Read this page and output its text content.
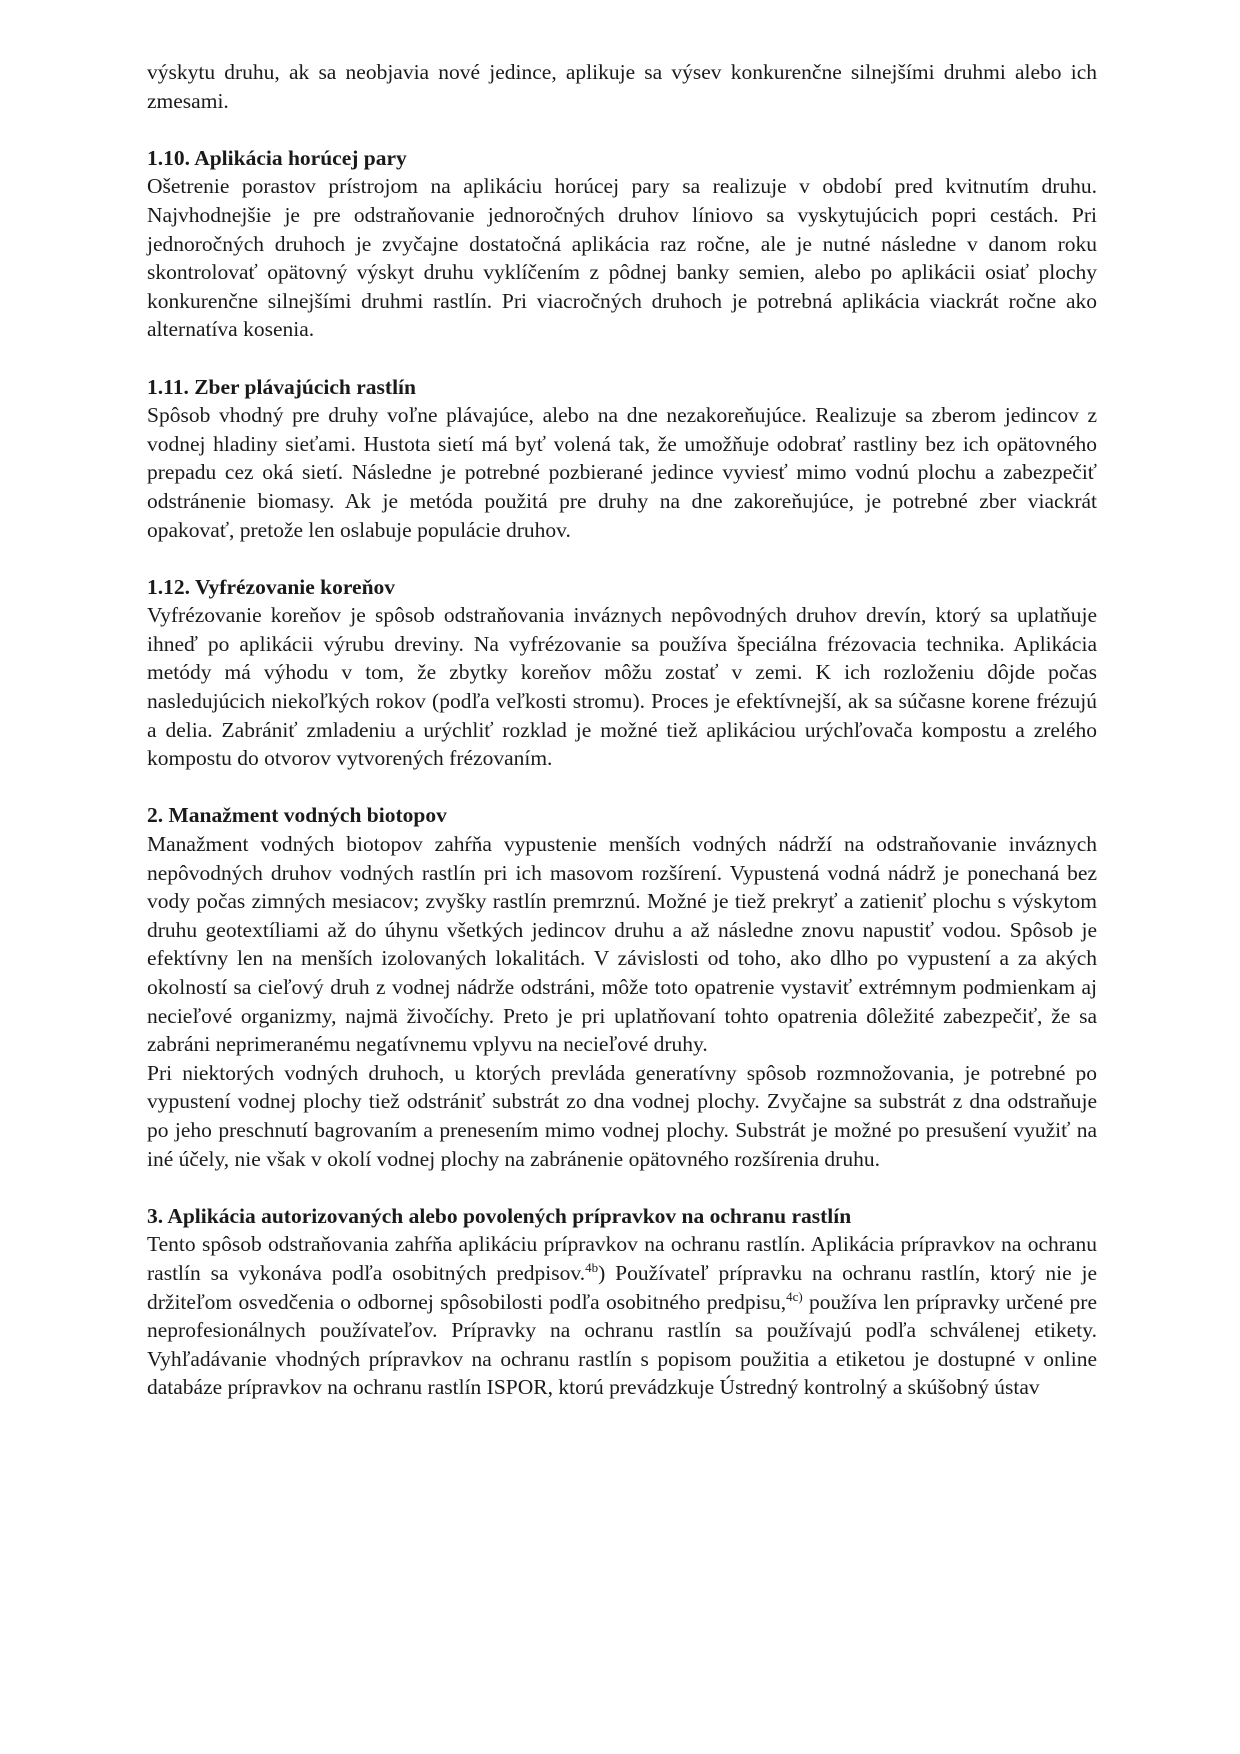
výskytu druhu, ak sa neobjavia nové jedince, aplikuje sa výsev konkurenčne silnejšími druhmi alebo ich zmesami.

1.10. Aplikácia horúcej pary

Ošetrenie porastov prístrojom na aplikáciu horúcej pary sa realizuje v období pred kvitnutím druhu. Najvhodnejšie je pre odstraňovanie jednoročných druhov líniovo sa vyskytujúcich popri cestách. Pri jednoročných druhoch je zvyčajne dostatočná aplikácia raz ročne, ale je nutné následne v danom roku skontrolovať opätovný výskyt druhu vyklíčením z pôdnej banky semien, alebo po aplikácii osiať plochy konkurenčne silnejšími druhmi rastlín. Pri viacročných druhoch je potrebná aplikácia viackrát ročne ako alternatíva kosenia.

1.11. Zber plávajúcich rastlín

Spôsob vhodný pre druhy voľne plávajúce, alebo na dne nezakoreňujúce. Realizuje sa zberom jedincov z vodnej hladiny sieťami. Hustota sietí má byť volená tak, že umožňuje odobrať rastliny bez ich opätovného prepadu cez oká sietí. Následne je potrebné pozbierané jedince vyviesť mimo vodnú plochu a zabezpečiť odstránenie biomasy. Ak je metóda použitá pre druhy na dne zakoreňujúce, je potrebné zber viackrát opakovať, pretože len oslabuje populácie druhov.

1.12. Vyfrézovanie koreňov

Vyfrézovanie koreňov je spôsob odstraňovania inváznych nepôvodných druhov drevín, ktorý sa uplatňuje ihneď po aplikácii výrubu dreviny. Na vyfrézovanie sa používa špeciálna frézovacia technika. Aplikácia metódy má výhodu v tom, že zbytky koreňov môžu zostať v zemi. K ich rozloženiu dôjde počas nasledujúcich niekoľkých rokov (podľa veľkosti stromu). Proces je efektívnejší, ak sa súčasne korene frézujú a delia. Zabrániť zmladeniu a urýchliť rozklad je možné tiež aplikáciou urýchľovača kompostu a zrelého kompostu do otvorov vytvorených frézovaním.

2. Manažment vodných biotopov

Manažment vodných biotopov zahŕňa vypustenie menších vodných nádrží na odstraňovanie inváznych nepôvodných druhov vodných rastlín pri ich masovom rozšírení. Vypustená vodná nádrž je ponechaná bez vody počas zimných mesiacov; zvyšky rastlín premrznú. Možné je tiež prekryť a zatieniť plochu s výskytom druhu geotextíliami až do úhynu všetkých jedincov druhu a až následne znovu napustiť vodou. Spôsob je efektívny len na menších izolovaných lokalitách. V závislosti od toho, ako dlho po vypustení a za akých okolností sa cieľový druh z vodnej nádrže odstráni, môže toto opatrenie vystaviť extrémnym podmienkam aj necieľové organizmy, najmä živočíchy. Preto je pri uplatňovaní tohto opatrenia dôležité zabezpečiť, že sa zabráni neprimeranému negatívnemu vplyvu na necieľové druhy.

Pri niektorých vodných druhoch, u ktorých prevláda generatívny spôsob rozmnožovania, je potrebné po vypustení vodnej plochy tiež odstrániť substrát zo dna vodnej plochy. Zvyčajne sa substrát z dna odstraňuje po jeho preschnutí bagrovaním a prenesením mimo vodnej plochy. Substrát je možné po presušení využiť na iné účely, nie však v okolí vodnej plochy na zabránenie opätovného rozšírenia druhu.

3. Aplikácia autorizovaných alebo povolených prípravkov na ochranu rastlín

Tento spôsob odstraňovania zahŕňa aplikáciu prípravkov na ochranu rastlín. Aplikácia prípravkov na ochranu rastlín sa vykonáva podľa osobitných predpisov.$^{4b}$) Používateľ prípravku na ochranu rastlín, ktorý nie je držiteľom osvedčenia o odbornej spôsobilosti podľa osobitného predpisu,$^{4c)}$ používa len prípravky určené pre neprofesionálnych používateľov. Prípravky na ochranu rastlín sa používajú podľa schválenej etikety. Vyhľadávanie vhodných prípravkov na ochranu rastlín s popisom použitia a etiketou je dostupné v online databáze prípravkov na ochranu rastlín ISPOR, ktorú prevádzkuje Ústredný kontrolný a skúšobný ústav
